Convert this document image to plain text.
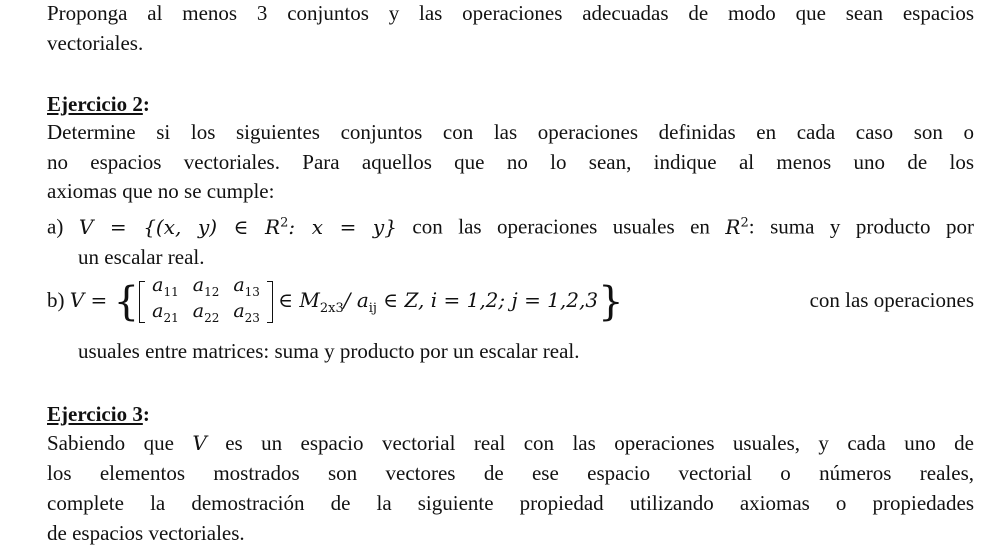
Proponga al menos 3 conjuntos y las operaciones adecuadas de modo que sean espacios
vectoriales.
Ejercicio 2:
Determine si los siguientes conjuntos con las operaciones definidas en cada caso son o
no espacios vectoriales. Para aquellos que no lo sean, indique al menos uno de los
axiomas que no se cumple:
a) V = {(x, y) ∈ $R^2$: x = y} con las operaciones usuales en $R^2$: suma y producto por
un escalar real.
b) V = { $a_{11}$	$a_{12}$	$a_{13}$
$a_{21}$	$a_{22}$	$a_{23}$ ∈ $M_{2x3}/$ $a_{ij}$ ∈ Z, i = 1,2; j = 1,2,3}	con las operaciones
usuales entre matrices: suma y producto por un escalar real.
Ejercicio 3:
Sabiendo que V es un espacio vectorial real con las operaciones usuales, y cada uno de
los elementos mostrados son vectores de ese espacio vectorial o números reales,
complete la demostración de la siguiente propiedad utilizando axiomas o propiedades
de espacios vectoriales.
